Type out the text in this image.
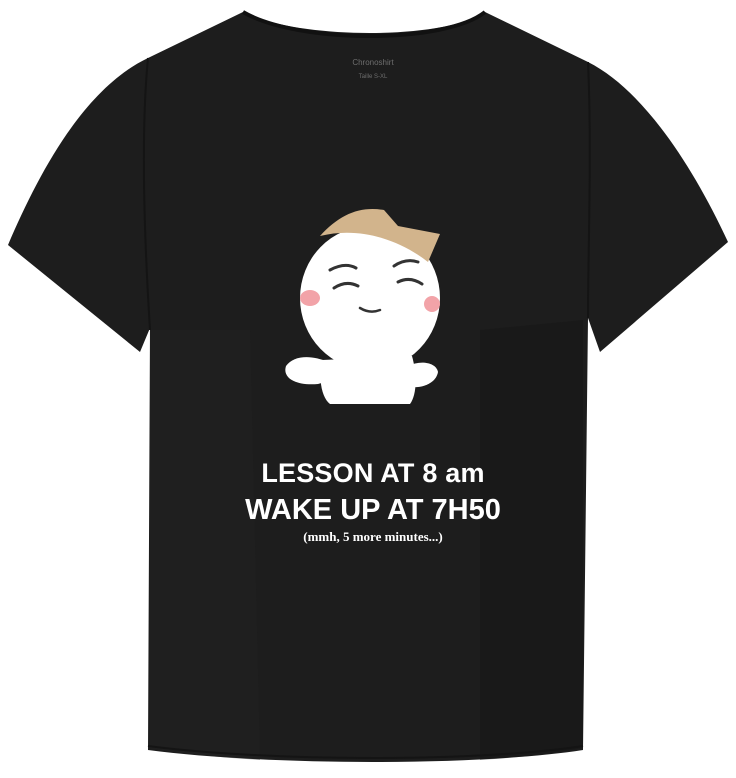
Chronoshirt
Taille S-XL
LESSON AT 8 am
WAKE UP AT 7H50
(mmh, 5 more minutes...)
